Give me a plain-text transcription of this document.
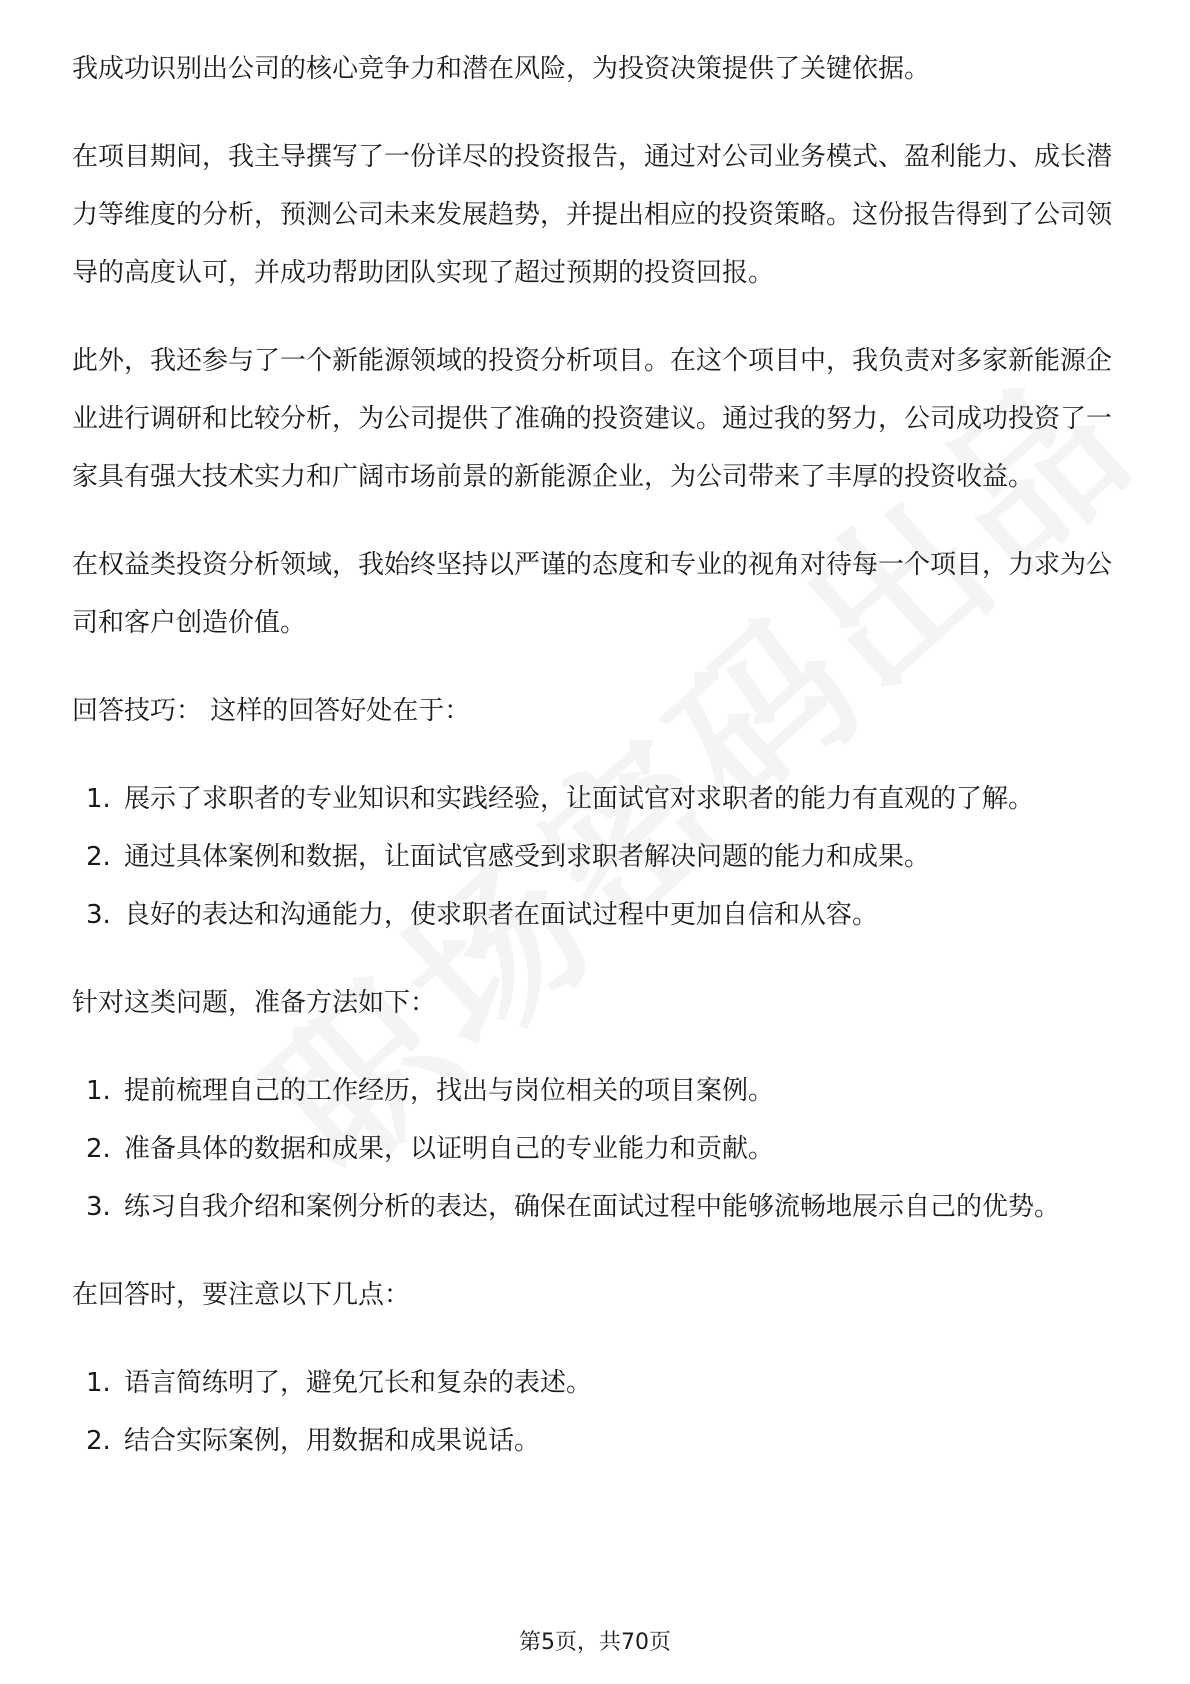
我成功识别出公司的核心竞争力和潜在风险，为投资决策提供了关键依据。

在项目期间，我主导撰写了一份详尽的投资报告，通过对公司业务模式、盈利能力、成长潜力等维度的分析，预测公司未来发展趋势，并提出相应的投资策略。这份报告得到了公司领导的高度认可，并成功帮助团队实现了超过预期的投资回报。

此外，我还参与了一个新能源领域的投资分析项目。在这个项目中，我负责对多家新能源企业进行调研和比较分析，为公司提供了准确的投资建议。通过我的努力，公司成功投资了一家具有强大技术实力和广阔市场前景的新能源企业，为公司带来了丰厚的投资收益。

在权益类投资分析领域，我始终坚持以严谨的态度和专业的视角对待每一个项目，力求为公司和客户创造价值。

回答技巧： 这样的回答好处在于：

1. 展示了求职者的专业知识和实践经验，让面试官对求职者的能力有直观的了解。
2. 通过具体案例和数据，让面试官感受到求职者解决问题的能力和成果。
3. 良好的表达和沟通能力，使求职者在面试过程中更加自信和从容。

针对这类问题，准备方法如下：

1. 提前梳理自己的工作经历，找出与岗位相关的项目案例。
2. 准备具体的数据和成果，以证明自己的专业能力和贡献。
3. 练习自我介绍和案例分析的表达，确保在面试过程中能够流畅地展示自己的优势。

在回答时，要注意以下几点：

1. 语言简练明了，避免冗长和复杂的表述。
2. 结合实际案例，用数据和成果说话。
第5页，共70页
